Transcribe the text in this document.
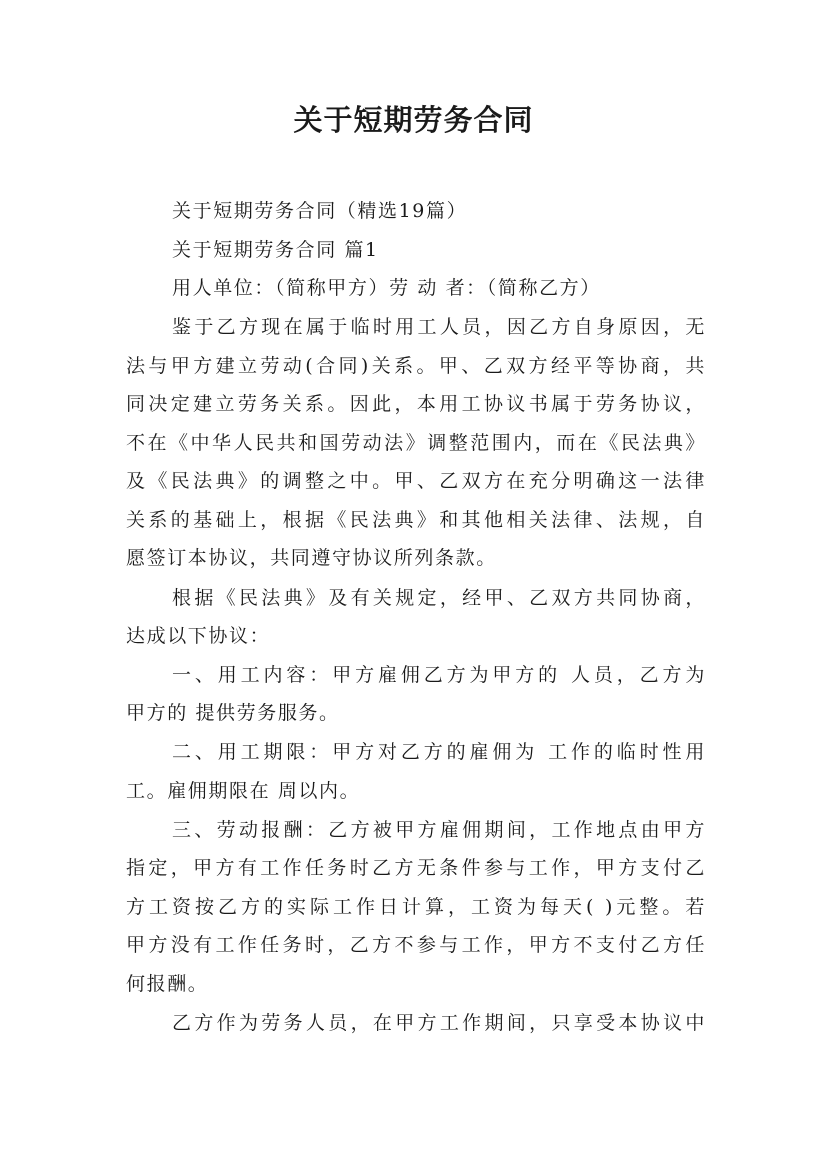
关于短期劳务合同
关于短期劳务合同（精选19篇）
关于短期劳务合同 篇1
用人单位：（简称甲方）劳 动 者：（简称乙方）
鉴于乙方现在属于临时用工人员，因乙方自身原因，无
法与甲方建立劳动(合同)关系。甲、乙双方经平等协商，共
同决定建立劳务关系。因此，本用工协议书属于劳务协议，
不在《中华人民共和国劳动法》调整范围内，而在《民法典》
及《民法典》的调整之中。甲、乙双方在充分明确这一法律
关系的基础上，根据《民法典》和其他相关法律、法规，自
愿签订本协议，共同遵守协议所列条款。
根据《民法典》及有关规定，经甲、乙双方共同协商，
达成以下协议：
一、用工内容：甲方雇佣乙方为甲方的 人员，乙方为
甲方的 提供劳务服务。
二、用工期限：甲方对乙方的雇佣为 工作的临时性用
工。雇佣期限在 周以内。
三、劳动报酬：乙方被甲方雇佣期间，工作地点由甲方
指定，甲方有工作任务时乙方无条件参与工作，甲方支付乙
方工资按乙方的实际工作日计算，工资为每天( )元整。若
甲方没有工作任务时，乙方不参与工作，甲方不支付乙方任
何报酬。
乙方作为劳务人员，在甲方工作期间，只享受本协议中
